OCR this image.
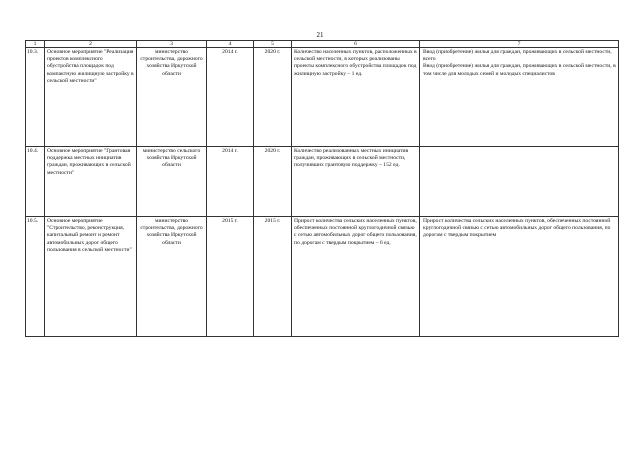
21
1	2	3	4	5	6	7
10.3.	Основное мероприятие "Реализация проектов комплексного обустройства площадок под компактную жилищную застройку в сельской местности"	министерство строительства, дорожного хозяйства Иркутской области	2014 г.	2020 г.	Количество населенных пунктов, расположенных в сельской местности, в которых реализованы проекты комплексного обустройства площадок под жилищную застройку – 1 ед.	Ввод (приобретение) жилья для граждан, проживающих в сельской местности, всего

Ввод (приобретение) жилья для граждан, проживающих в сельской местности, в том числе для молодых семей и молодых специалистов

10.4.	Основное мероприятие "Грантовая поддержка местных инициатив граждан, проживающих в сельской местности"	министерство сельского хозяйства Иркутской области	2014 г.	2020 г.	Количество реализованных местных инициатив граждан, проживающих в сельской местности, получивших грантовую поддержку – 152 ед.	

10.5.	Основное мероприятие "Строительство, реконструкция, капитальный ремонт и ремонт автомобильных дорог общего пользования в сельской местности"	министерство строительства, дорожного хозяйства Иркутской области	2015 г.	2015 г.	Прирост количества сельских населенных пунктов, обеспеченных постоянной круглогодичной связью с сетью автомобильных дорог общего пользования, по дорогам с твердым покрытием – 6 ед.	Прирост количества сельских населенных пунктов, обеспеченных постоянной круглогодичной связью с сетью автомобильных дорог общего пользования, по дорогам с твердым покрытием
